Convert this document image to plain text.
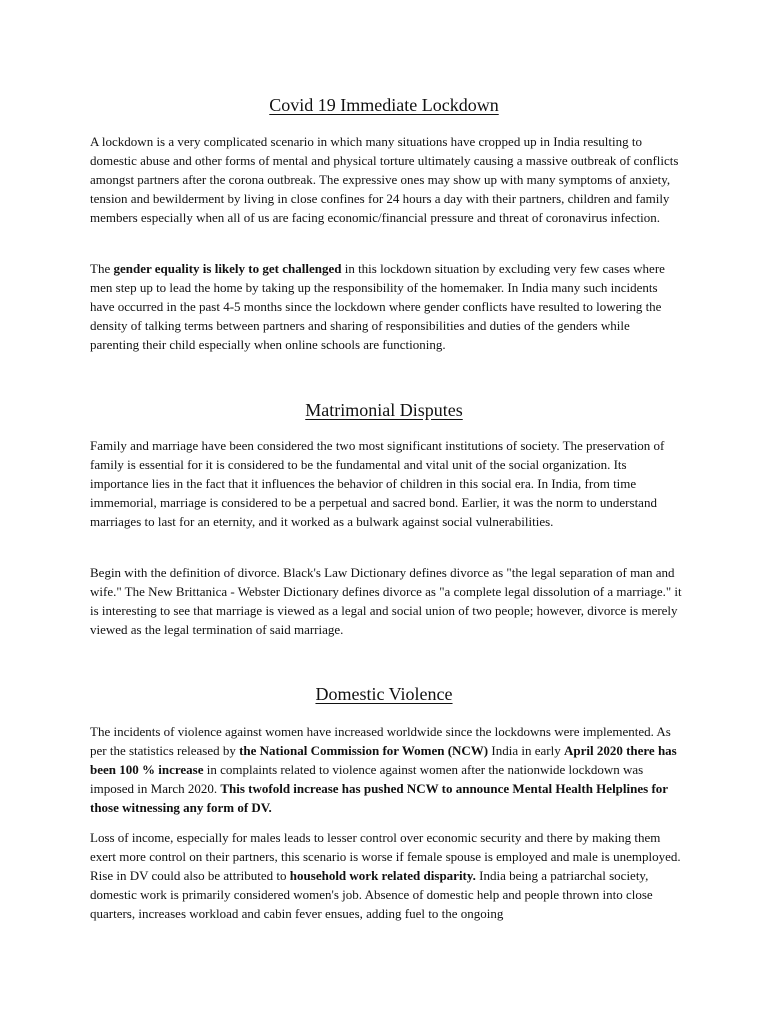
Covid 19 Immediate Lockdown

A lockdown is a very complicated scenario in which many situations have cropped up in India resulting to domestic abuse and other forms of mental and physical torture ultimately causing a massive outbreak of conflicts amongst partners after the corona outbreak. The expressive ones may show up with many symptoms of anxiety, tension and bewilderment by living in close confines for 24 hours a day with their partners, children and family members especially when all of us are facing economic/financial pressure and threat of coronavirus infection.

The gender equality is likely to get challenged in this lockdown situation by excluding very few cases where men step up to lead the home by taking up the responsibility of the homemaker. In India many such incidents have occurred in the past 4-5 months since the lockdown where gender conflicts have resulted to lowering the density of talking terms between partners and sharing of responsibilities and duties of the genders while parenting their child especially when online schools are functioning.

Matrimonial Disputes

Family and marriage have been considered the two most significant institutions of society. The preservation of family is essential for it is considered to be the fundamental and vital unit of the social organization. Its importance lies in the fact that it influences the behavior of children in this social era. In India, from time immemorial, marriage is considered to be a perpetual and sacred bond. Earlier, it was the norm to understand marriages to last for an eternity, and it worked as a bulwark against social vulnerabilities.

Begin with the definition of divorce. Black's Law Dictionary defines divorce as "the legal separation of man and wife." The New Brittanica - Webster Dictionary defines divorce as "a complete legal dissolution of a marriage." it is interesting to see that marriage is viewed as a legal and social union of two people; however, divorce is merely viewed as the legal termination of said marriage.

Domestic Violence

The incidents of violence against women have increased worldwide since the lockdowns were implemented. As per the statistics released by the National Commission for Women (NCW) India in early April 2020 there has been 100 % increase in complaints related to violence against women after the nationwide lockdown was imposed in March 2020. This twofold increase has pushed NCW to announce Mental Health Helplines for those witnessing any form of DV.

Loss of income, especially for males leads to lesser control over economic security and there by making them exert more control on their partners, this scenario is worse if female spouse is employed and male is unemployed. Rise in DV could also be attributed to household work related disparity. India being a patriarchal society, domestic work is primarily considered women's job. Absence of domestic help and people thrown into close quarters, increases workload and cabin fever ensues, adding fuel to the ongoing
